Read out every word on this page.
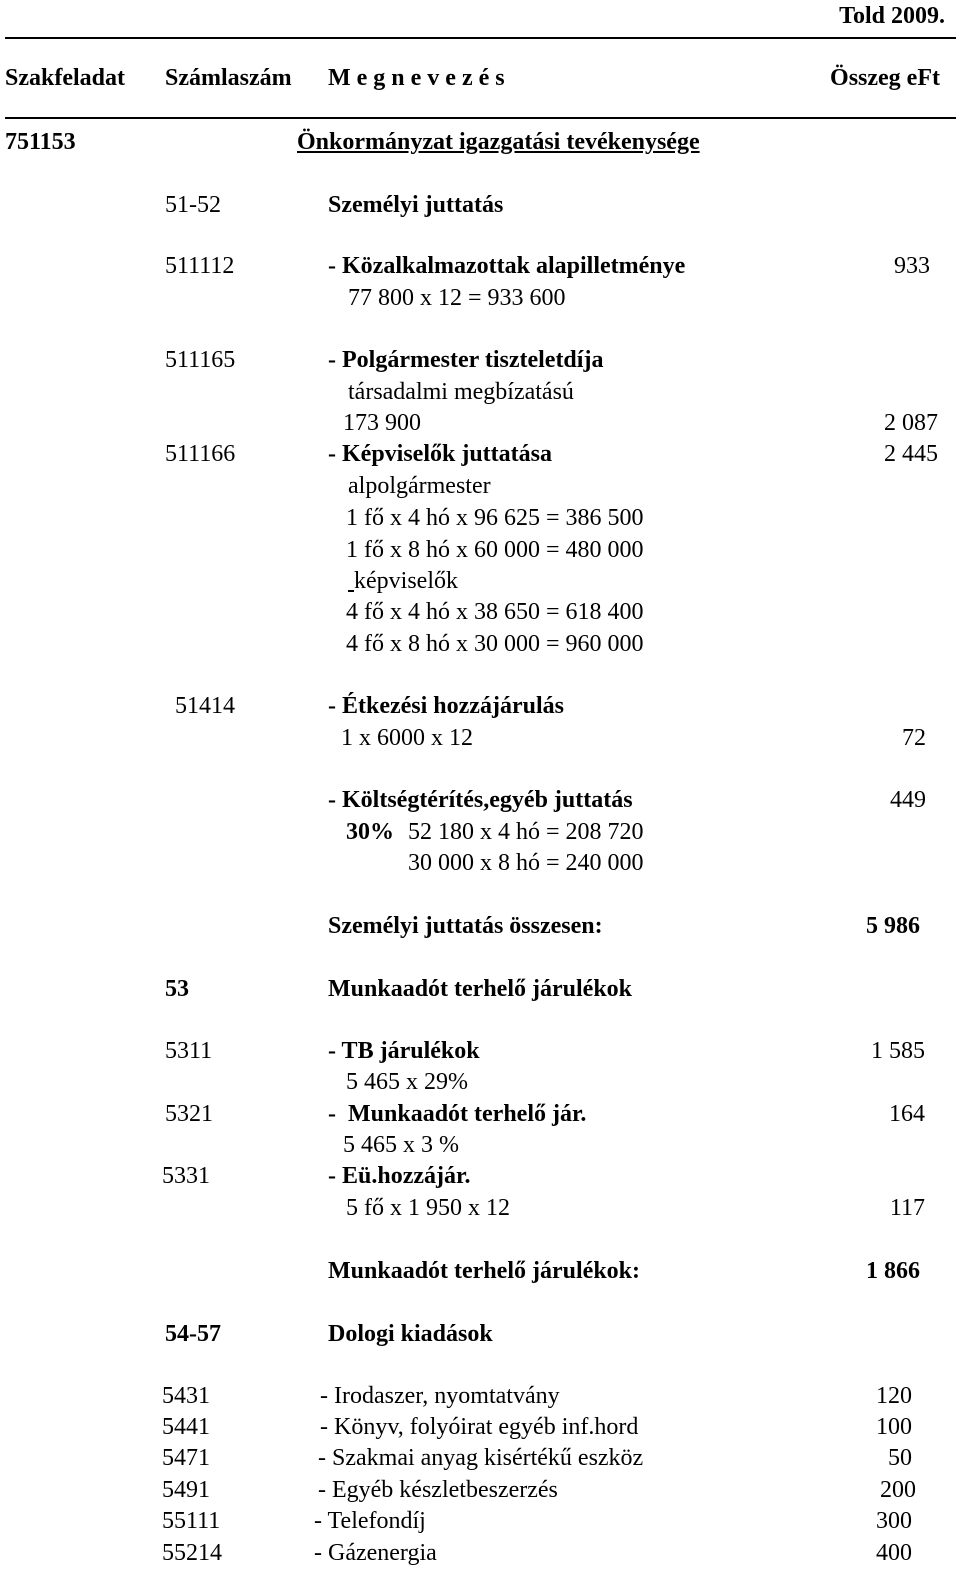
Told 2009.
Szakfeladat Számlaszám M e g n e v e z é s	Összeg eFt
751153	Önkormányzat igazgatási tevékenysége
51-52	Személyi juttatás
511112	- Közalkalmazottak alapilletménye	933
77 800 x 12 = 933 600
511165	- Polgármester tiszteletdíja
társadalmi megbízatású
173 900	2 087
511166	- Képviselők juttatása	2 445
alpolgármester
1 fő x 4 hó x 96 625 = 386 500
1 fő x 8 hó x 60 000 = 480 000
képviselők
4 fő x 4 hó x 38 650 = 618 400
4 fő x 8 hó x 30 000 = 960 000
51414	- Étkezési hozzájárulás
1 x 6000 x 12	72
- Költségtérítés,egyéb juttatás	449
30% 52 180 x 4 hó = 208 720
30 000 x 8 hó = 240 000
Személyi juttatás összesen:	5 986
53	Munkaadót terhelő járulékok
5311	- TB járulékok	1 585
5 465 x 29%
5321	-  Munkaadót terhelő jár.	164
5 465 x 3 %
5331	- Eü.hozzájár.
5 fő x 1 950 x 12	117
Munkaadót terhelő járulékok:	1 866
54-57	Dologi kiadások
5431	- Irodaszer, nyomtatvány	120
5441	- Könyv, folyóirat egyéb inf.hord	100
5471	- Szakmai anyag kisértékű eszköz	50
5491	- Egyéb készletbeszerzés	200
55111	- Telefondíj	300
55214	- Gázenergia	400
